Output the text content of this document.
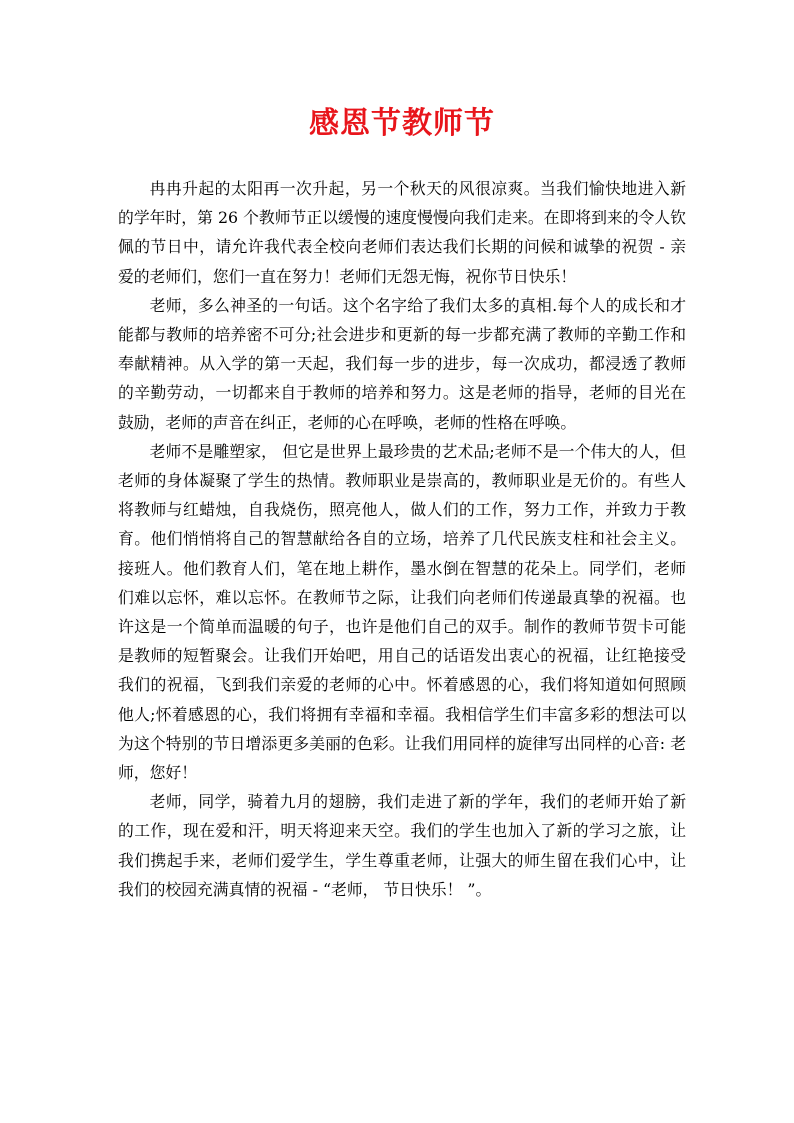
感恩节教师节

冉冉升起的太阳再一次升起，另一个秋天的风很凉爽。当我们愉快地进入新的学年时，第 26 个教师节正以缓慢的速度慢慢向我们走来。在即将到来的令人钦佩的节日中，请允许我代表全校向老师们表达我们长期的问候和诚挚的祝贺 - 亲爱的老师们，您们一直在努力！老师们无怨无悔，祝你节日快乐！

老师，多么神圣的一句话。这个名字给了我们太多的真相.每个人的成长和才能都与教师的培养密不可分;社会进步和更新的每一步都充满了教师的辛勤工作和奉献精神。从入学的第一天起，我们每一步的进步，每一次成功，都浸透了教师的辛勤劳动，一切都来自于教师的培养和努力。这是老师的指导，老师的目光在鼓励，老师的声音在纠正，老师的心在呼唤，老师的性格在呼唤。

老师不是雕塑家， 但它是世界上最珍贵的艺术品;老师不是一个伟大的人，但老师的身体凝聚了学生的热情。教师职业是崇高的，教师职业是无价的。有些人将教师与红蜡烛，自我烧伤，照亮他人，做人们的工作，努力工作，并致力于教育。他们悄悄将自己的智慧献给各自的立场，培养了几代民族支柱和社会主义。接班人。他们教育人们，笔在地上耕作，墨水倒在智慧的花朵上。同学们，老师们难以忘怀，难以忘怀。在教师节之际，让我们向老师们传递最真挚的祝福。也许这是一个简单而温暖的句子，也许是他们自己的双手。制作的教师节贺卡可能是教师的短暂聚会。让我们开始吧，用自己的话语发出衷心的祝福，让红艳接受我们的祝福，飞到我们亲爱的老师的心中。怀着感恩的心，我们将知道如何照顾他人;怀着感恩的心，我们将拥有幸福和幸福。我相信学生们丰富多彩的想法可以为这个特别的节日增添更多美丽的色彩。让我们用同样的旋律写出同样的心音: 老师，您好！

老师，同学，骑着九月的翅膀，我们走进了新的学年，我们的老师开始了新的工作，现在爱和汗，明天将迎来天空。我们的学生也加入了新的学习之旅，让我们携起手来，老师们爱学生，学生尊重老师，让强大的师生留在我们心中，让我们的校园充满真情的祝福 - “老师， 节日快乐！ ”。
